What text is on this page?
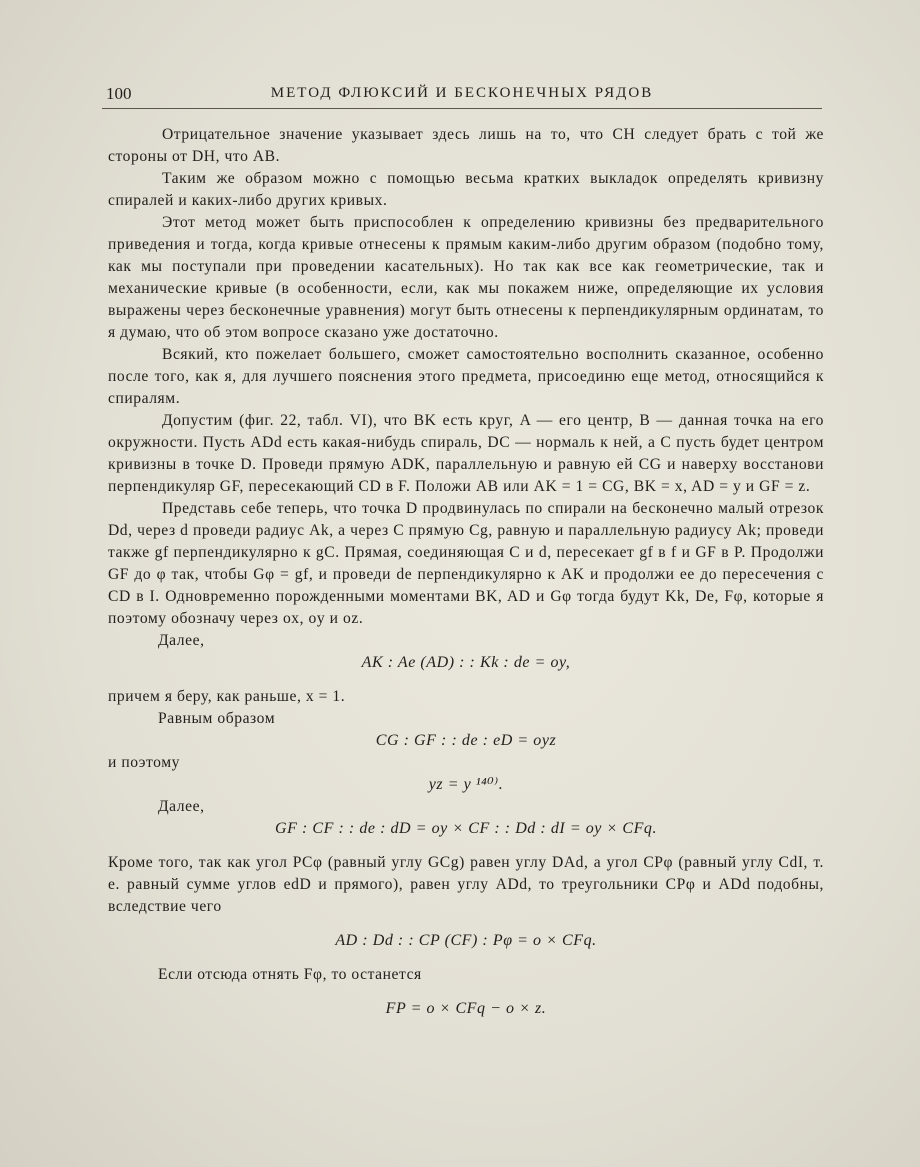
100	МЕТОД ФЛЮКСИЙ И БЕСКОНЕЧНЫХ РЯДОВ

Отрицательное значение указывает здесь лишь на то, что CH следует брать с той же стороны от DH, что AB.

Таким же образом можно с помощью весьма кратких выкладок определять кривизну спиралей и каких-либо других кривых.

Этот метод может быть приспособлен к определению кривизны без предварительного приведения и тогда, когда кривые отнесены к прямым каким-либо другим образом (подобно тому, как мы поступали при проведении касательных). Но так как все как геометрические, так и механические кривые (в особенности, если, как мы покажем ниже, определяющие их условия выражены через бесконечные уравнения) могут быть отнесены к перпендикулярным ординатам, то я думаю, что об этом вопросе сказано уже достаточно.

Всякий, кто пожелает большего, сможет самостоятельно восполнить сказанное, особенно после того, как я, для лучшего пояснения этого предмета, присоединю еще метод, относящийся к спиралям.

Допустим (фиг. 22, табл. VI), что BK есть круг, A — его центр, B — данная точка на его окружности. Пусть ADd есть какая-нибудь спираль, DC — нормаль к ней, а C пусть будет центром кривизны в точке D. Проведи прямую ADK, параллельную и равную ей CG и наверху восстанови перпендикуляр GF, пересекающий CD в F. Положи AB или AK = 1 = CG, BK = x, AD = y и GF = z.

Представь себе теперь, что точка D продвинулась по спирали на бесконечно малый отрезок Dd, через d проведи радиус Ak, а через C прямую Cg, равную и параллельную радиусу Ak; проведи также gf перпендикулярно к gC. Прямая, соединяющая C и d, пересекает gf в f и GF в P. Продолжи GF до φ так, чтобы Gφ = gf, и проведи de перпендикулярно к AK и продолжи ее до пересечения с CD в I. Одновременно порожденными моментами BK, AD и Gφ тогда будут Kk, De, Fφ, которые я поэтому обозначу через ox, oy и oz.

Далее,

AK : Ae (AD) : : Kk : de = oy,

причем я беру, как раньше, x = 1.

Равным образом

CG : GF : : de : eD = oyz

и поэтому

yz = y ¹⁴⁰⁾.

Далее,

GF : CF : : de : dD = oy × CF : : Dd : dI = oy × CFq.

Кроме того, так как угол PCφ (равный углу GCg) равен углу DAd, а угол CPφ (равный углу CdI, т. е. равный сумме углов edD и прямого), равен углу ADd, то треугольники CPφ и ADd подобны, вследствие чего

AD : Dd : : CP (CF) : Pφ = o × CFq.

Если отсюда отнять Fφ, то останется

FP = o × CFq − o × z.
